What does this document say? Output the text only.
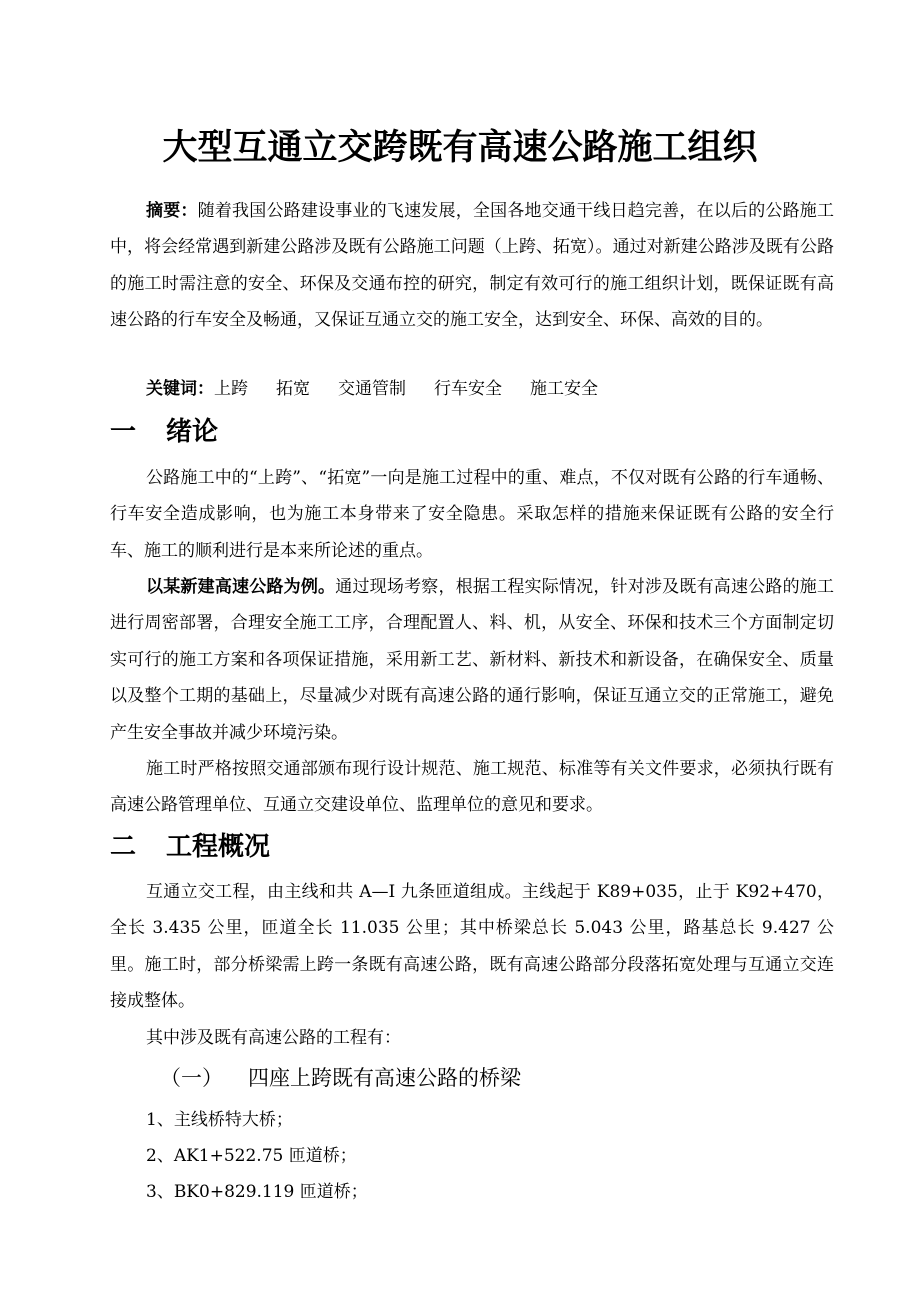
大型互通立交跨既有高速公路施工组织

摘要：随着我国公路建设事业的飞速发展，全国各地交通干线日趋完善，在以后的公路施工中，将会经常遇到新建公路涉及既有公路施工问题（上跨、拓宽）。通过对新建公路涉及既有公路的施工时需注意的安全、环保及交通布控的研究，制定有效可行的施工组织计划，既保证既有高速公路的行车安全及畅通，又保证互通立交的施工安全，达到安全、环保、高效的目的。

关键词：上跨 拓宽 交通管制 行车安全 施工安全
一 绪论

公路施工中的“上跨”、“拓宽”一向是施工过程中的重、难点，不仅对既有公路的行车通畅、行车安全造成影响，也为施工本身带来了安全隐患。采取怎样的措施来保证既有公路的安全行车、施工的顺利进行是本来所论述的重点。

以某新建高速公路为例。通过现场考察，根据工程实际情况，针对涉及既有高速公路的施工进行周密部署，合理安全施工工序，合理配置人、料、机，从安全、环保和技术三个方面制定切实可行的施工方案和各项保证措施，采用新工艺、新材料、新技术和新设备，在确保安全、质量以及整个工期的基础上，尽量减少对既有高速公路的通行影响，保证互通立交的正常施工，避免产生安全事故并减少环境污染。

施工时严格按照交通部颁布现行设计规范、施工规范、标准等有关文件要求，必须执行既有高速公路管理单位、互通立交建设单位、监理单位的意见和要求。

二 工程概况

互通立交工程，由主线和共 A—I 九条匝道组成。主线起于 K89+035，止于 K92+470，全长 3.435 公里，匝道全长 11.035 公里；其中桥梁总长 5.043 公里，路基总长 9.427 公里。施工时，部分桥梁需上跨一条既有高速公路，既有高速公路部分段落拓宽处理与互通立交连接成整体。

其中涉及既有高速公路的工程有：

（一） 四座上跨既有高速公路的桥梁
1、主线桥特大桥；
2、AK1+522.75 匝道桥；
3、BK0+829.119 匝道桥；
